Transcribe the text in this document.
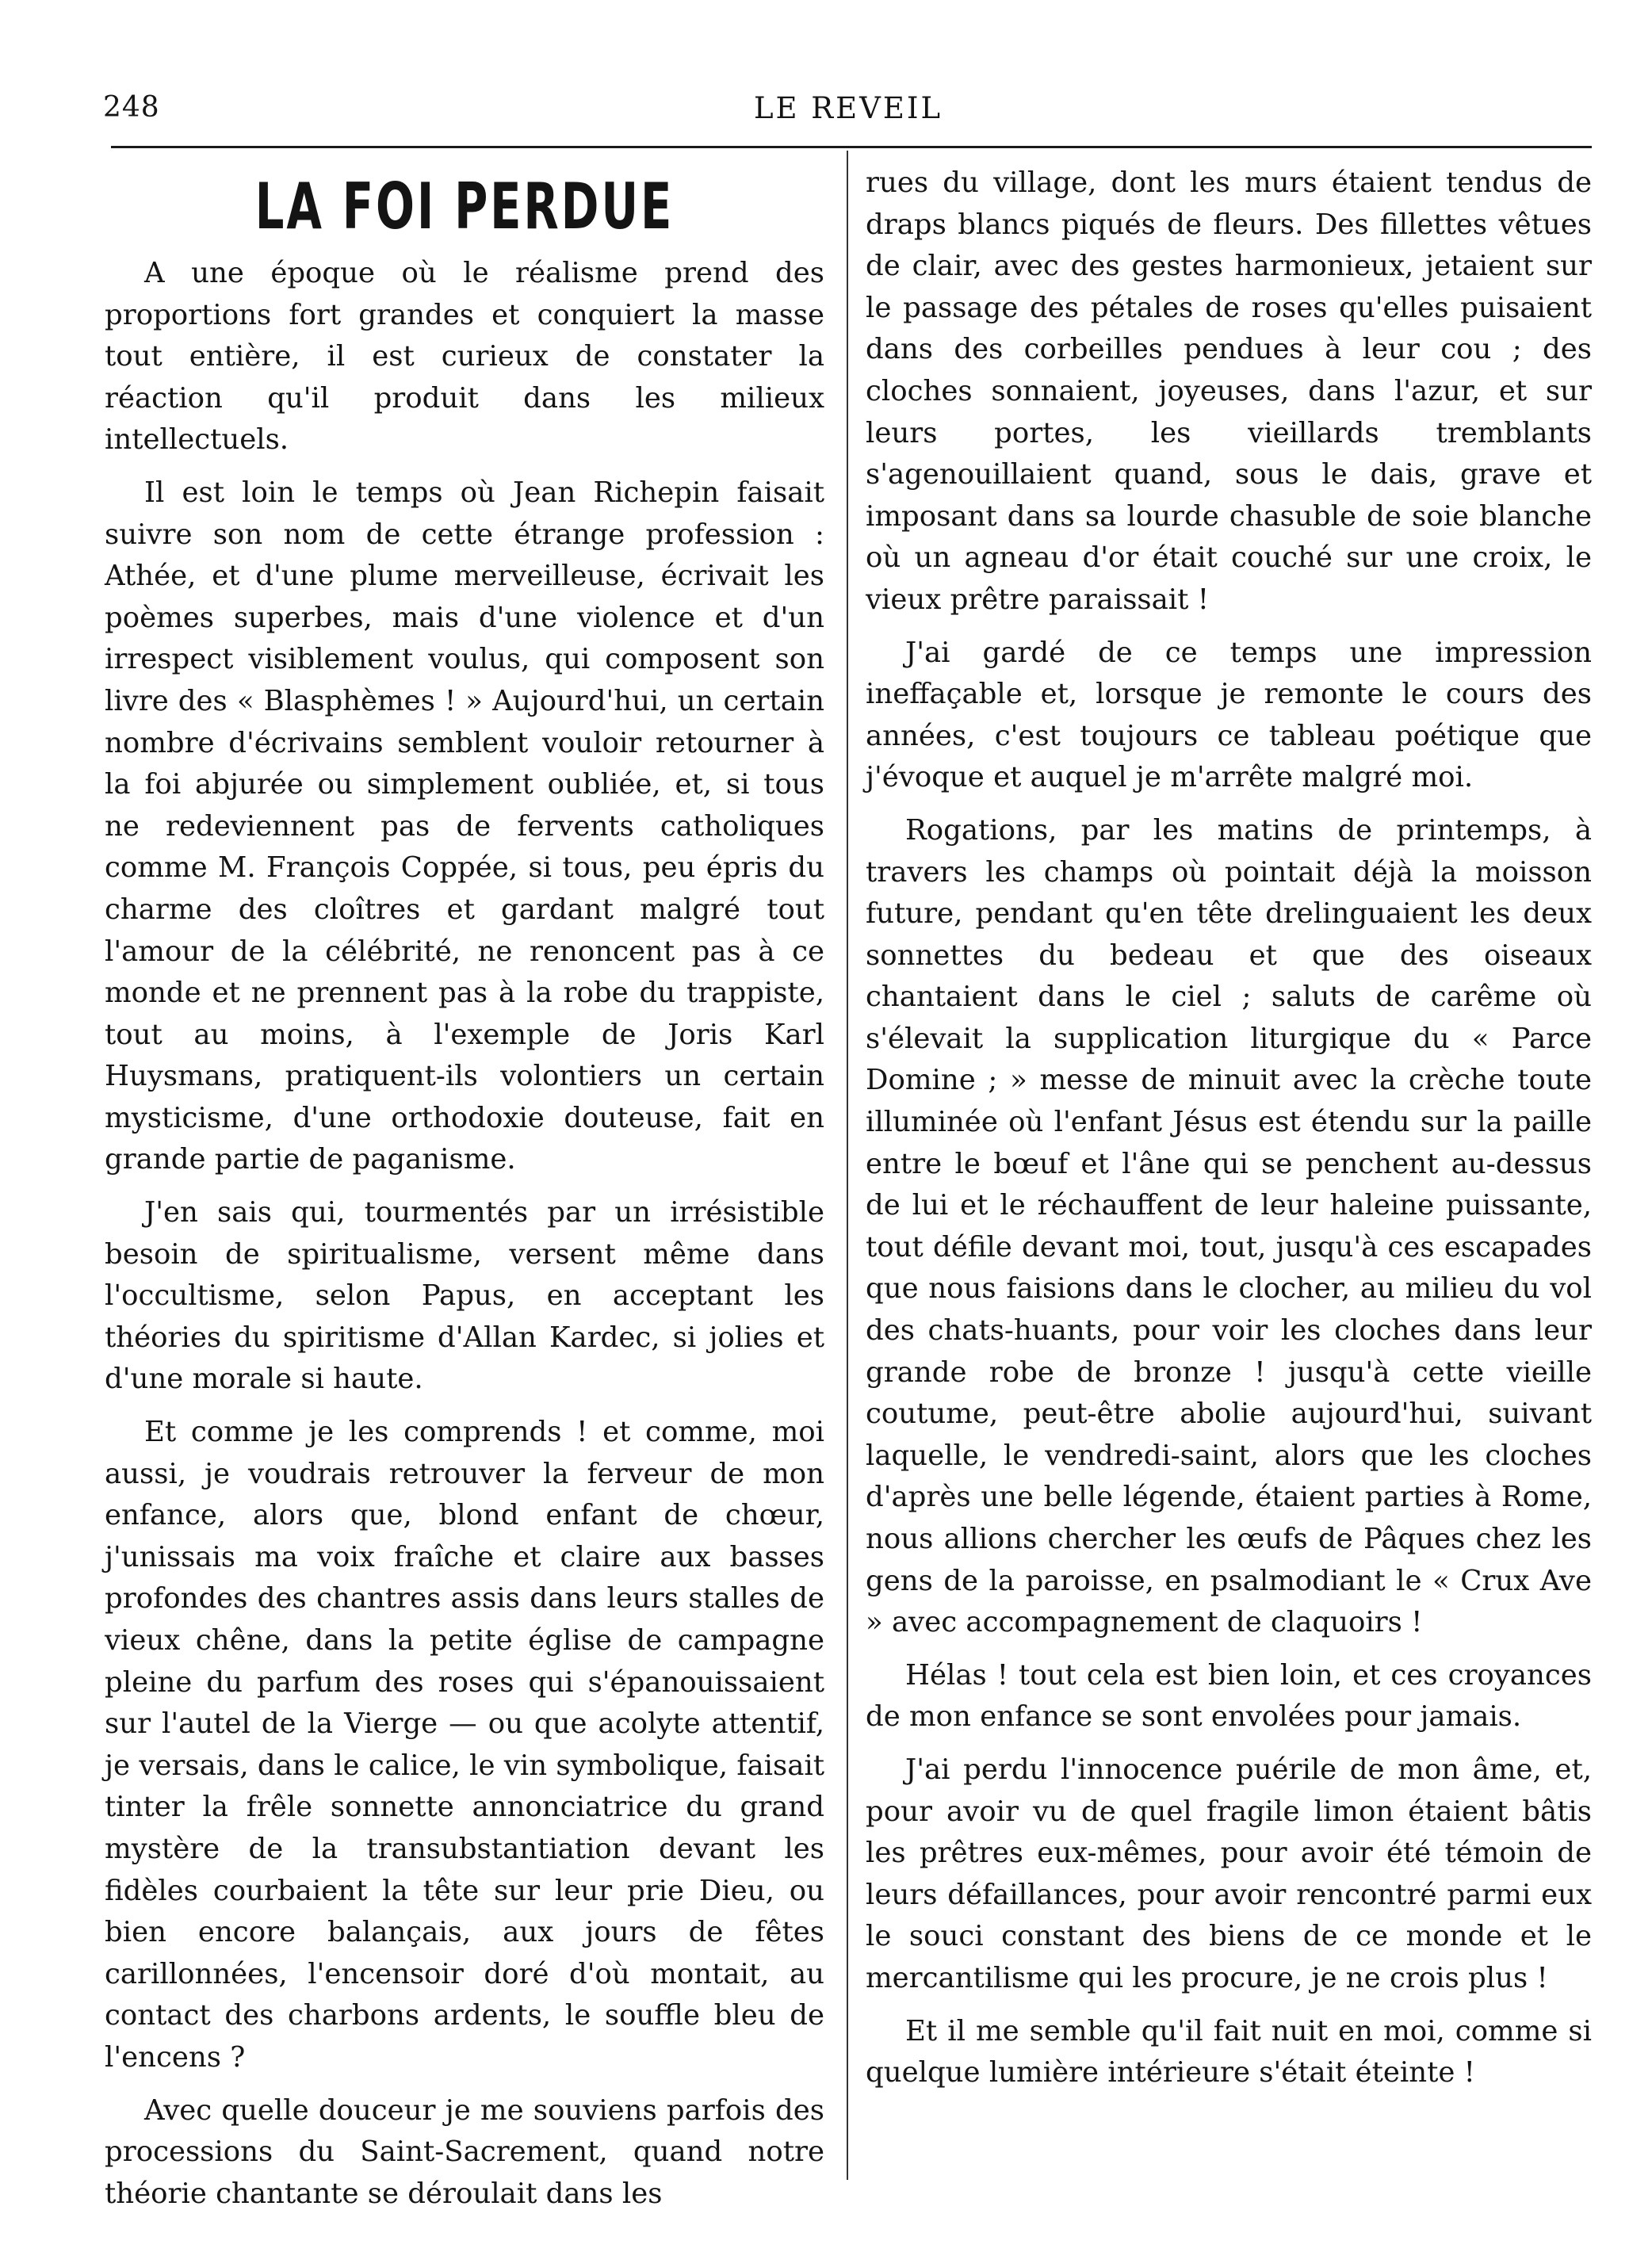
248	LE REVEIL
LA FOI PERDUE

A une époque où le réalisme prend des proportions fort grandes et conquiert la masse tout entière, il est curieux de constater la réaction qu'il produit dans les milieux intellectuels.

Il est loin le temps où Jean Richepin faisait suivre son nom de cette étrange profession : Athée, et d'une plume merveilleuse, écrivait les poèmes superbes, mais d'une violence et d'un irrespect visiblement voulus, qui composent son livre des « Blasphèmes ! » Aujourd'hui, un certain nombre d'écrivains semblent vouloir retourner à la foi abjurée ou simplement oubliée, et, si tous ne redeviennent pas de fervents catholiques comme M. François Coppée, si tous, peu épris du charme des cloîtres et gardant malgré tout l'amour de la célébrité, ne renoncent pas à ce monde et ne prennent pas à la robe du trappiste, tout au moins, à l'exemple de Joris Karl Huysmans, pratiquent-ils volontiers un certain mysticisme, d'une orthodoxie douteuse, fait en grande partie de paganisme.

J'en sais qui, tourmentés par un irrésistible besoin de spiritualisme, versent même dans l'occultisme, selon Papus, en acceptant les théories du spiritisme d'Allan Kardec, si jolies et d'une morale si haute.

Et comme je les comprends ! et comme, moi aussi, je voudrais retrouver la ferveur de mon enfance, alors que, blond enfant de chœur, j'unissais ma voix fraîche et claire aux basses profondes des chantres assis dans leurs stalles de vieux chêne, dans la petite église de campagne pleine du parfum des roses qui s'épanouissaient sur l'autel de la Vierge — ou que acolyte attentif, je versais, dans le calice, le vin symbolique, faisait tinter la frêle sonnette annonciatrice du grand mystère de la transubstantiation devant les fidèles courbaient la tête sur leur prie Dieu, ou bien encore balançais, aux jours de fêtes carillonnées, l'encensoir doré d'où montait, au contact des charbons ardents, le souffle bleu de l'encens ?

Avec quelle douceur je me souviens parfois des processions du Saint-Sacrement, quand notre théorie chantante se déroulait dans les

rues du village, dont les murs étaient tendus de draps blancs piqués de fleurs. Des fillettes vêtues de clair, avec des gestes harmonieux, jetaient sur le passage des pétales de roses qu'elles puisaient dans des corbeilles pendues à leur cou ; des cloches sonnaient, joyeuses, dans l'azur, et sur leurs portes, les vieillards tremblants s'agenouillaient quand, sous le dais, grave et imposant dans sa lourde chasuble de soie blanche où un agneau d'or était couché sur une croix, le vieux prêtre paraissait !

J'ai gardé de ce temps une impression ineffaçable et, lorsque je remonte le cours des années, c'est toujours ce tableau poétique que j'évoque et auquel je m'arrête malgré moi.

Rogations, par les matins de printemps, à travers les champs où pointait déjà la moisson future, pendant qu'en tête drelinguaient les deux sonnettes du bedeau et que des oiseaux chantaient dans le ciel ; saluts de carême où s'élevait la supplication liturgique du « Parce Domine ; » messe de minuit avec la crèche toute illuminée où l'enfant Jésus est étendu sur la paille entre le bœuf et l'âne qui se penchent au-dessus de lui et le réchauffent de leur haleine puissante, tout défile devant moi, tout, jusqu'à ces escapades que nous faisions dans le clocher, au milieu du vol des chats-huants, pour voir les cloches dans leur grande robe de bronze ! jusqu'à cette vieille coutume, peut-être abolie aujourd'hui, suivant laquelle, le vendredi-saint, alors que les cloches d'après une belle légende, étaient parties à Rome, nous allions chercher les œufs de Pâques chez les gens de la paroisse, en psalmodiant le « Crux Ave » avec accompagnement de claquoirs !

Hélas ! tout cela est bien loin, et ces croyances de mon enfance se sont envolées pour jamais.

J'ai perdu l'innocence puérile de mon âme, et, pour avoir vu de quel fragile limon étaient bâtis les prêtres eux-mêmes, pour avoir été témoin de leurs défaillances, pour avoir rencontré parmi eux le souci constant des biens de ce monde et le mercantilisme qui les procure, je ne crois plus !

Et il me semble qu'il fait nuit en moi, comme si quelque lumière intérieure s'était éteinte !
